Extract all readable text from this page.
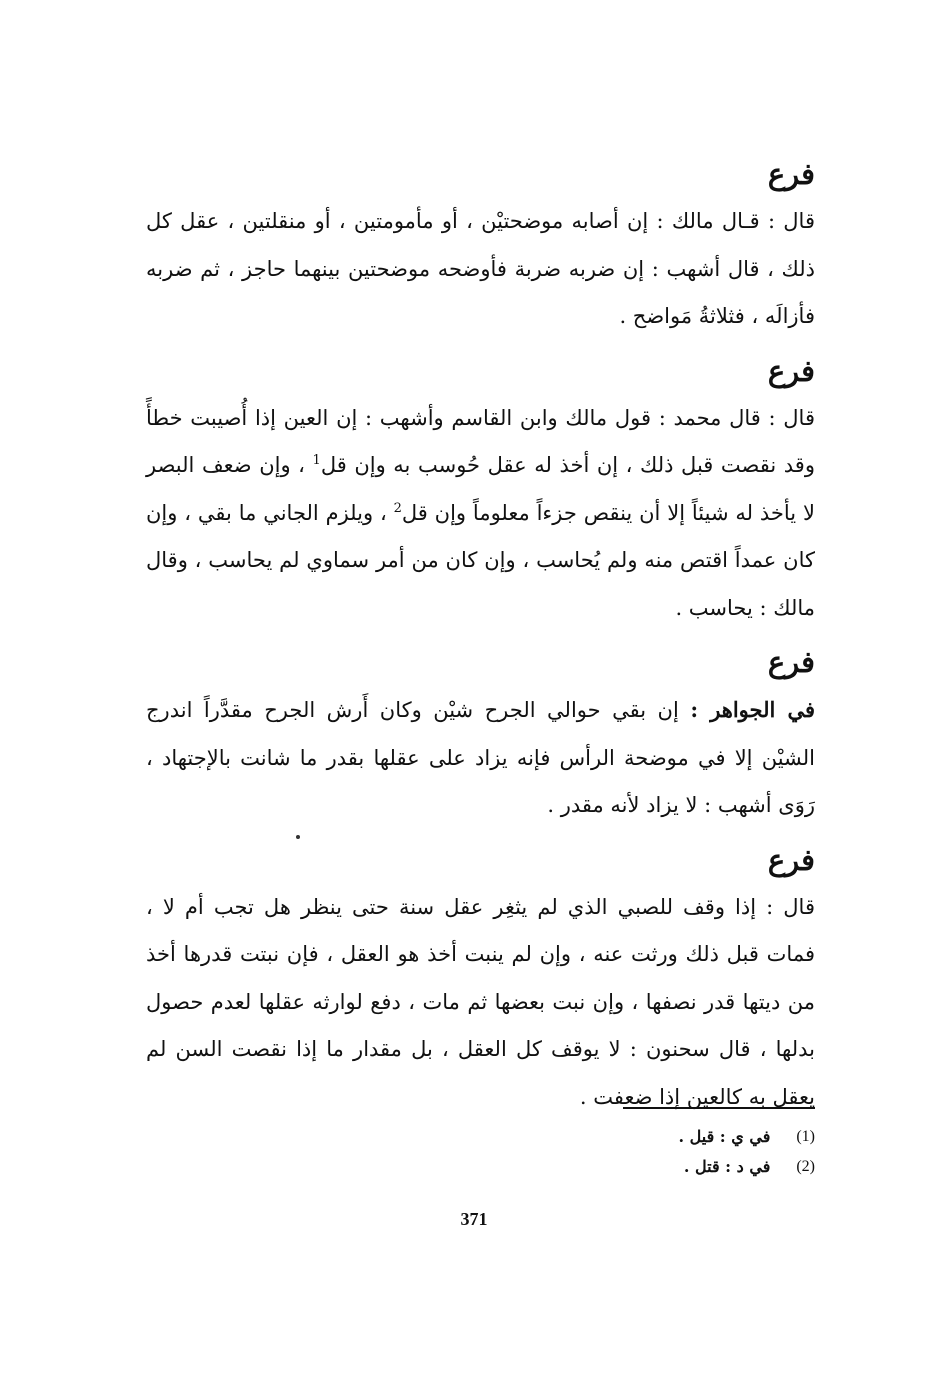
فرع

قال : قـال مالك : إن أصابه موضحتيْن ، أو مأمومتين ، أو منقلتين ، عقل كل ذلك ، قال أشهب : إن ضربه ضربة فأوضحه موضحتين بينهما حاجز ، ثم ضربه فأزالَه ، فثلاثةُ مَواضح .

فرع

قال : قال محمد : قول مالك وابن القاسم وأشهب : إن العين إذا أُصيبت خطأً وقد نقصت قبل ذلك ، إن أخذ له عقل حُوسب به وإن قل$^1$ ، وإن ضعف البصر لا يأخذ له شيئاً إلا أن ينقص جزءاً معلوماً وإن قل$^2$ ، ويلزم الجاني ما بقي ، وإن كان عمداً اقتص منه ولم يُحاسب ، وإن كان من أمر سماوي لم يحاسب ، وقال مالك : يحاسب .

فرع

في الجواهر : إن بقي حوالي الجرح شيْن وكان أَرش الجرح مقدَّراً اندرج الشيْن إلا في موضحة الرأس فإنه يزاد على عقلها بقدر ما شانت بالإجتهاد ، رَوَى أشهب : لا يزاد لأنه مقدر .

فرع

قال : إذا وقف للصبي الذي لم يثغِر عقل سنة حتى ينظر هل تجب أم لا ، فمات قبل ذلك ورثت عنه ، وإن لم ينبت أخذ هو العقل ، فإن نبتت قدرها أخذ من ديتها قدر نصفها ، وإن نبت بعضها ثم مات ، دفع لوارثه عقلها لعدم حصول بدلها ، قال سحنون : لا يوقف كل العقل ، بل مقدار ما إذا نقصت السن لم يعقل به كالعين إذا ضعفت .

(1)
في ي : قيل .
(2)
في د : قتل .
371
